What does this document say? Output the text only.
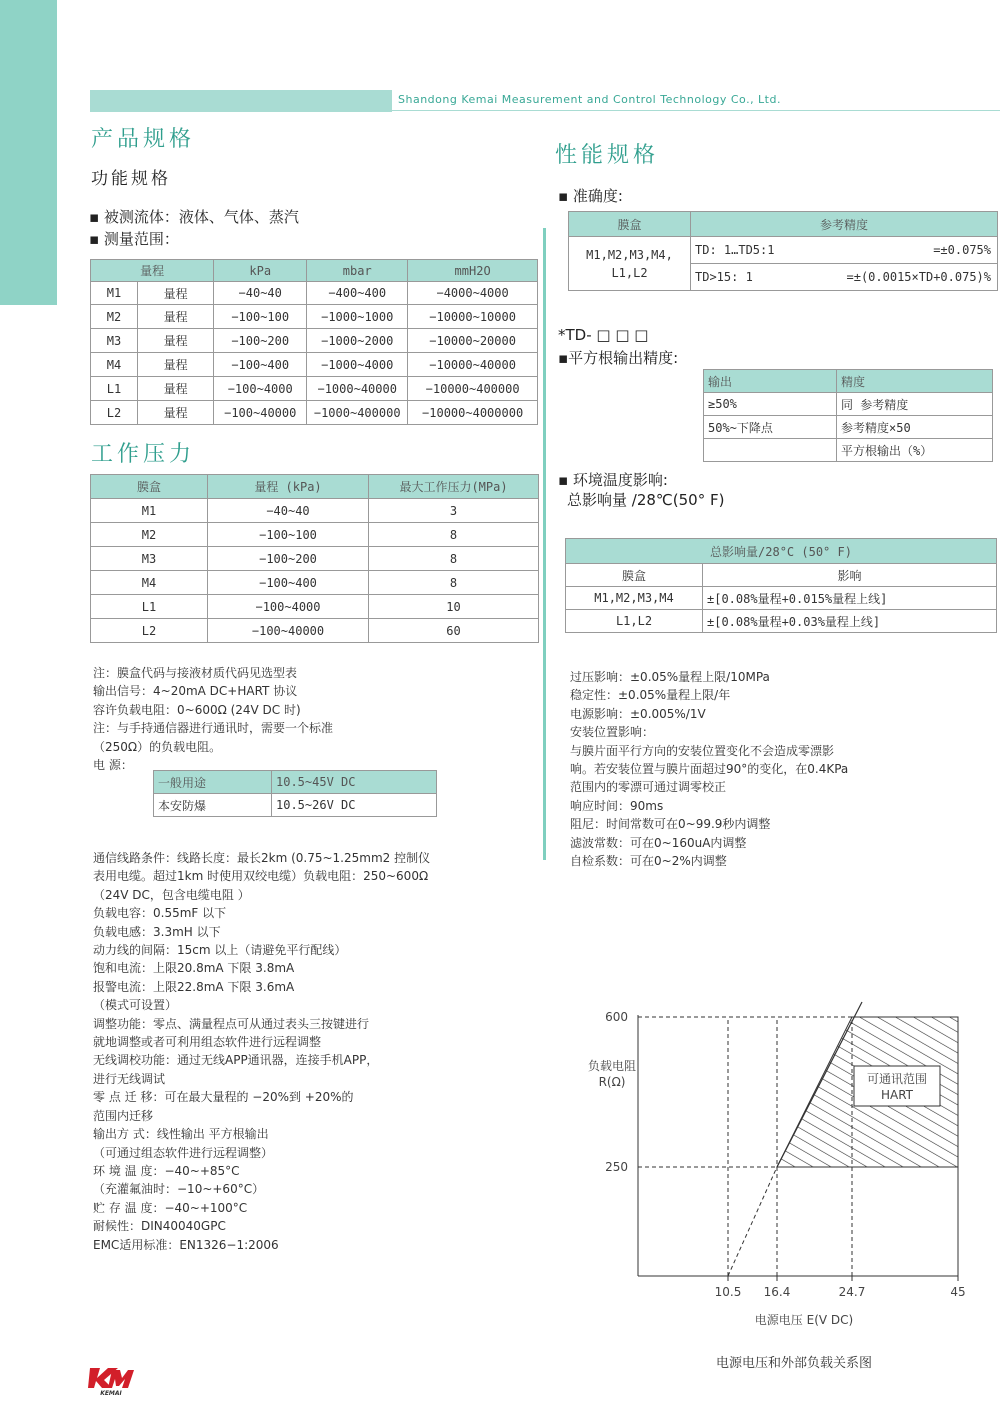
Shandong Kemai Measurement and Control Technology Co., Ltd.
产品规格
功能规格
▪ 被测流体：液体、气体、蒸汽
▪ 测量范围：
量程		kPa	mbar	mmH2O
M1	量程	−40~40	−400~400	−4000~4000
M2	量程	−100~100	−1000~1000	−10000~10000
M3	量程	−100~200	−1000~2000	−10000~20000
M4	量程	−100~400	−1000~4000	−10000~40000
L1	量程	−100~4000	−1000~40000	−10000~400000
L2	量程	−100~40000	−1000~400000	−10000~4000000
工作压力
膜盒	量程 (kPa)	最大工作压力(MPa)
M1	−40~40	3
M2	−100~100	8
M3	−100~200	8
M4	−100~400	8
L1	−100~4000	10
L2	−100~40000	60
注：膜盒代码与接液材质代码见选型表
输出信号：4~20mA DC+HART 协议
容许负载电阻：0~600Ω (24V DC 时)
注：与手持通信器进行通讯时，需要一个标准
（250Ω）的负载电阻。
电 源：
一般用途	10.5~45V DC
本安防爆	10.5~26V DC
通信线路条件：线路长度：最长2km (0.75~1.25mm2 控制仪
表用电缆。超过1km 时使用双绞电缆）负载电阻：250~600Ω
（24V DC，包含电缆电阻 ）
负载电容：0.55mF 以下
负载电感：3.3mH 以下
动力线的间隔：15cm 以上（请避免平行配线）
饱和电流：上限20.8mA 下限 3.8mA
报警电流：上限22.8mA 下限 3.6mA
（模式可设置）
调整功能：零点、满量程点可从通过表头三按键进行
就地调整或者可利用组态软件进行远程调整
无线调校功能：通过无线APP通讯器，连接手机APP，
进行无线调试
零 点 迁 移：可在最大量程的 −20%到 +20%的
范围内迁移
输出方 式：线性输出 平方根输出
（可通过组态软件进行远程调整）
环 境 温 度：−40~+85°C
（充灌氟油时：−10~+60°C）
贮 存 温 度：−40~+100°C
耐候性：DIN40040GPC
EMC适用标准：EN1326−1:2006
性能规格
▪ 准确度:
膜盒	参考精度	

M1,M2,M3,M4,
L1,L2	TD: 1…TD5:1	=±0.075%
	TD>15: 1	=±(0.0015×TD+0.075)%
*TD- □ □ □
▪平方根输出精度:
输出	精度
≥50%	同 参考精度
50%~下降点	参考精度×50
	平方根输出（%）
▪ 环境温度影响:
总影响量 /28℃(50° F)
总影响量/28°C (50° F)	
膜盒	影响
M1,M2,M3,M4	±[0.08%量程+0.015%量程上线]
L1,L2	±[0.08%量程+0.03%量程上线]
过压影响：±0.05%量程上限/10MPa
稳定性：±0.05%量程上限/年
电源影响：±0.005%/1V
安装位置影响：
与膜片面平行方向的安装位置变化不会造成零漂影
响。若安装位置与膜片面超过90°的变化，在0.4KPa
范围内的零漂可通过调零校正
响应时间：90ms
阻尼：时间常数可在0~99.9秒内调整
滤波常数：可在0~160uA内调整
自检系数：可在0~2%内调整
250
600
10.5 16.4	24.7	45
可通讯范围
HART
负载电阻
R(Ω)
电源电压 E(V DC)
电源电压和外部负载关系图
KEMAI
